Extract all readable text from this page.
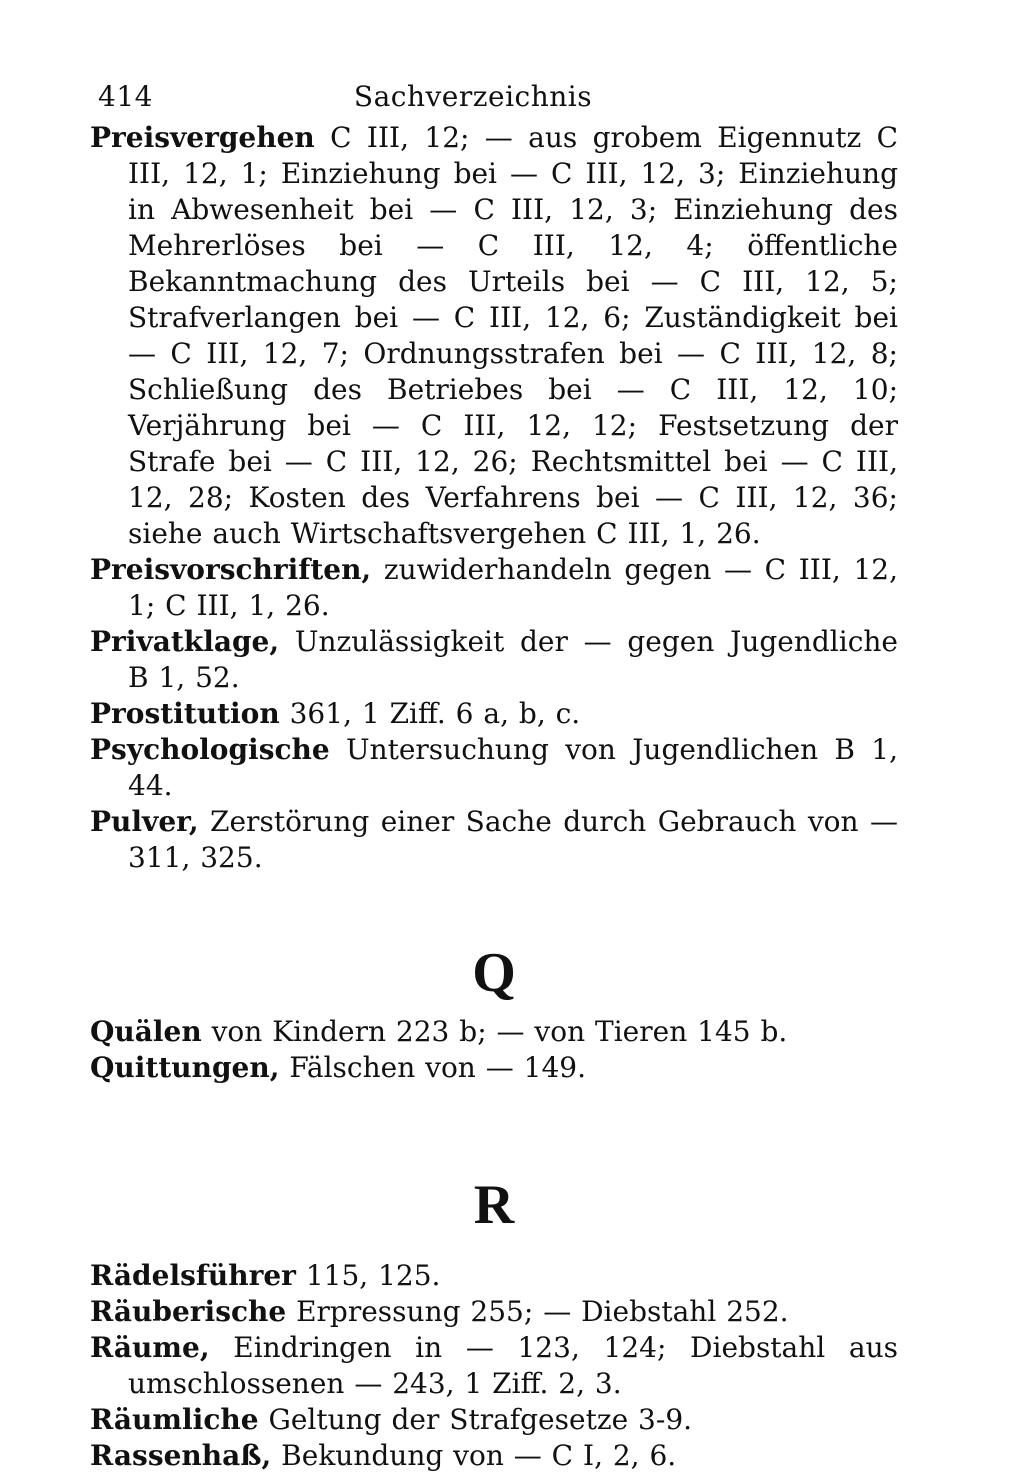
414	Sachverzeichnis

Preisvergehen C III, 12; — aus grobem Eigennutz C III, 12, 1; Einziehung bei — C III, 12, 3; Einziehung in Abwesenheit bei — C III, 12, 3; Einziehung des Mehrerlöses bei — C III, 12, 4; öffentliche Bekanntmachung des Urteils bei — C III, 12, 5; Strafverlangen bei — C III, 12, 6; Zuständigkeit bei — C III, 12, 7; Ordnungsstrafen bei — C III, 12, 8; Schließung des Betriebes bei — C III, 12, 10; Verjährung bei — C III, 12, 12; Festsetzung der Strafe bei — C III, 12, 26; Rechtsmittel bei — C III, 12, 28; Kosten des Verfahrens bei — C III, 12, 36; siehe auch Wirtschaftsvergehen C III, 1, 26.

Preisvorschriften, zuwiderhandeln gegen — C III, 12, 1; C III, 1, 26.

Privatklage, Unzulässigkeit der — gegen Jugendliche B 1, 52.

Prostitution 361, 1 Ziff. 6 a, b, c.

Psychologische Untersuchung von Jugendlichen B 1, 44.

Pulver, Zerstörung einer Sache durch Gebrauch von — 311, 325.

Q

Quälen von Kindern 223 b; — von Tieren 145 b.

Quittungen, Fälschen von — 149.

R

Rädelsführer 115, 125.

Räuberische Erpressung 255; — Diebstahl 252.

Räume, Eindringen in — 123, 124; Diebstahl aus umschlossenen — 243, 1 Ziff. 2, 3.

Räumliche Geltung der Strafgesetze 3-9.

Rassenhaß, Bekundung von — C I, 2, 6.
